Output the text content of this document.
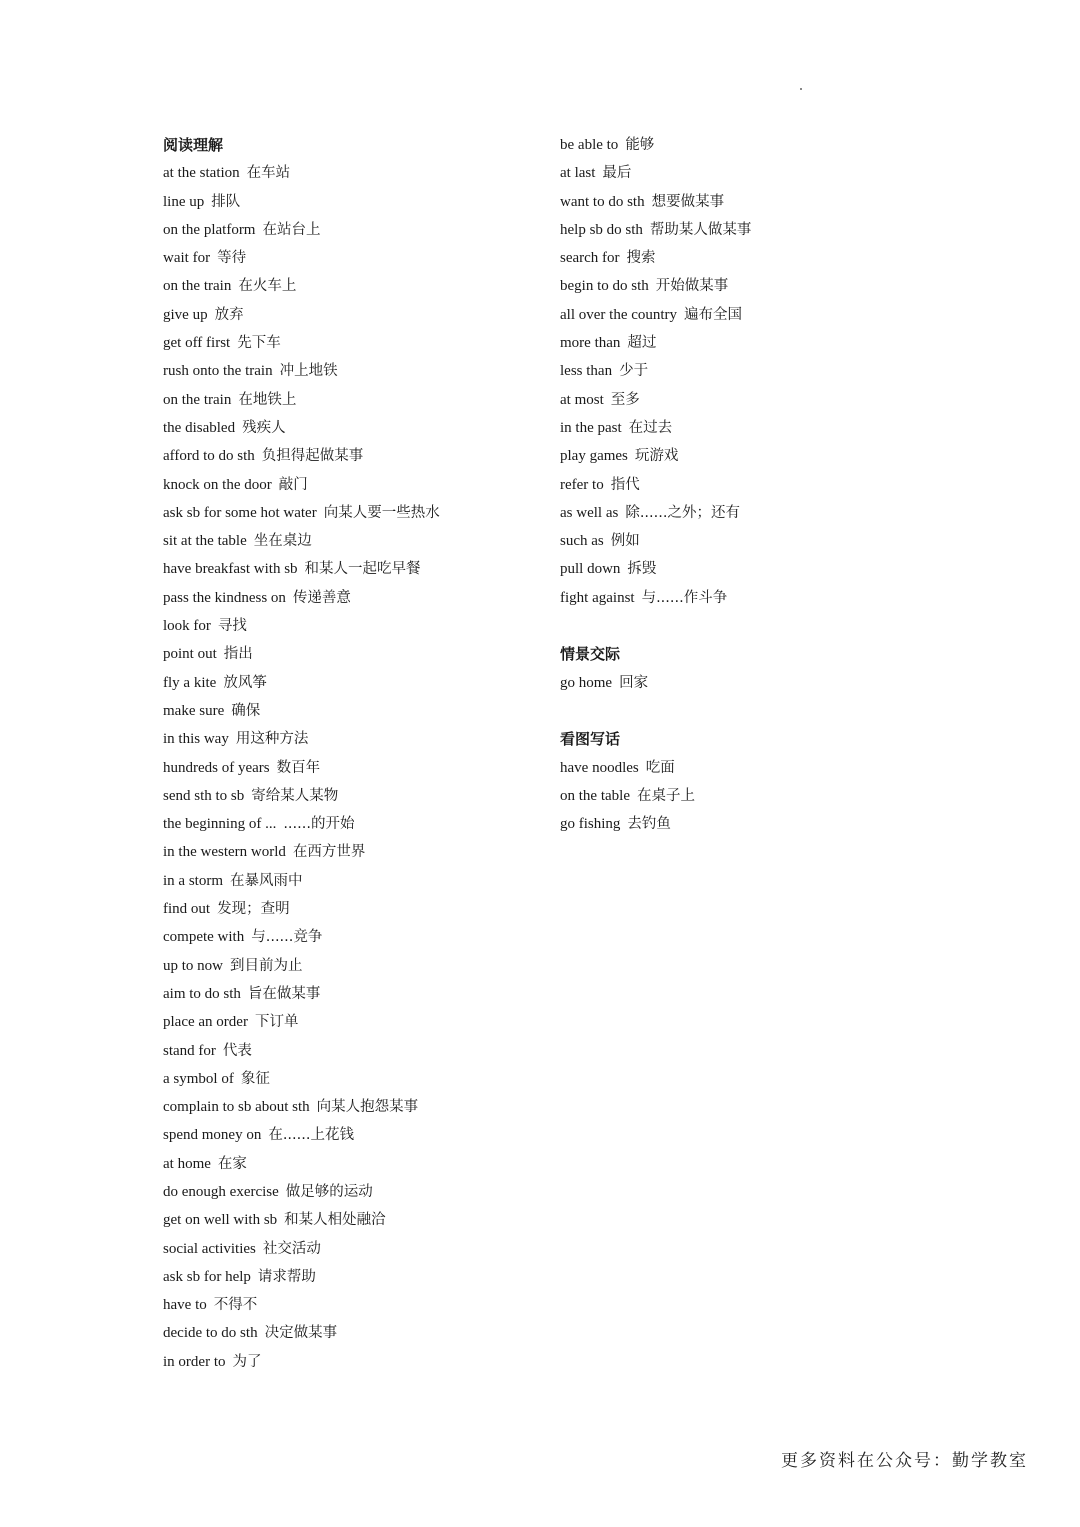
阅读理解
at the station 在车站
line up 排队
on the platform 在站台上
wait for 等待
on the train 在火车上
give up 放弃
get off first 先下车
rush onto the train 冲上地铁
on the train 在地铁上
the disabled 残疾人
afford to do sth 负担得起做某事
knock on the door 敲门
ask sb for some hot water 向某人要一些热水
sit at the table 坐在桌边
have breakfast with sb 和某人一起吃早餐
pass the kindness on 传递善意
look for 寻找
point out 指出
fly a kite 放风筝
make sure 确保
in this way 用这种方法
hundreds of years 数百年
send sth to sb 寄给某人某物
the beginning of ... ......的开始
in the western world 在西方世界
in a storm 在暴风雨中
find out 发现；查明
compete with 与......竞争
up to now 到目前为止
aim to do sth 旨在做某事
place an order 下订单
stand for 代表
a symbol of 象征
complain to sb about sth 向某人抱怨某事
spend money on 在......上花钱
at home 在家
do enough exercise 做足够的运动
get on well with sb 和某人相处融洽
social activities 社交活动
ask sb for help 请求帮助
have to 不得不
decide to do sth 决定做某事
in order to 为了
be able to 能够
at last 最后
want to do sth 想要做某事
help sb do sth 帮助某人做某事
search for 搜索
begin to do sth 开始做某事
all over the country 遍布全国
more than 超过
less than 少于
at most 至多
in the past 在过去
play games 玩游戏
refer to 指代
as well as 除......之外；还有
such as 例如
pull down 拆毁
fight against 与......作斗争
情景交际
go home 回家
看图写话
have noodles 吃面
on the table 在桌子上
go fishing 去钓鱼
更多资料在公众号：勤学教室
